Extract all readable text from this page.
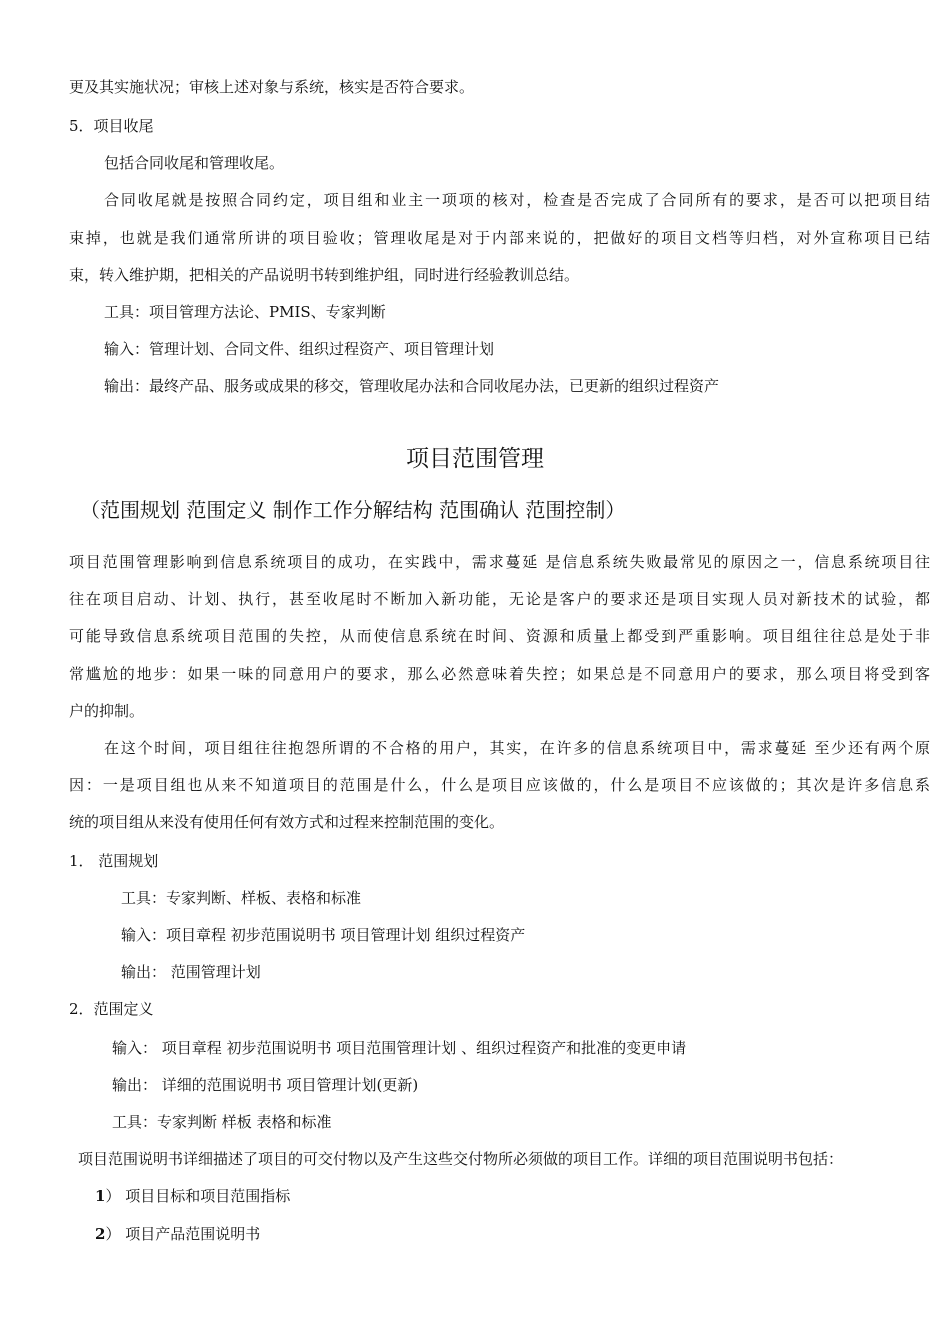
更及其实施状况；审核上述对象与系统，核实是否符合要求。
5．项目收尾
包括合同收尾和管理收尾。
合同收尾就是按照合同约定，项目组和业主一项项的核对，检查是否完成了合同所有的要求，是否可以把项目结
束掉，也就是我们通常所讲的项目验收；管理收尾是对于内部来说的，把做好的项目文档等归档，对外宣称项目已结
束，转入维护期，把相关的产品说明书转到维护组，同时进行经验教训总结。
工具：项目管理方法论、PMIS、专家判断
输入：管理计划、合同文件、组织过程资产、项目管理计划
输出：最终产品、服务或成果的移交，管理收尾办法和合同收尾办法，已更新的组织过程资产
项目范围管理
（范围规划 范围定义 制作工作分解结构 范围确认 范围控制）
项目范围管理影响到信息系统项目的成功，在实践中，需求蔓延 是信息系统失败最常见的原因之一，信息系统项目往
往在项目启动、计划、执行，甚至收尾时不断加入新功能，无论是客户的要求还是项目实现人员对新技术的试验，都
可能导致信息系统项目范围的失控，从而使信息系统在时间、资源和质量上都受到严重影响。项目组往往总是处于非
常尴尬的地步：如果一味的同意用户的要求，那么必然意味着失控；如果总是不同意用户的要求，那么项目将受到客
户的抑制。
在这个时间，项目组往往抱怨所谓的不合格的用户，其实，在许多的信息系统项目中，需求蔓延 至少还有两个原
因：一是项目组也从来不知道项目的范围是什么，什么是项目应该做的，什么是项目不应该做的；其次是许多信息系
统的项目组从来没有使用任何有效方式和过程来控制范围的变化。
1． 范围规划
工具：专家判断、样板、表格和标准
输入：项目章程 初步范围说明书 项目管理计划 组织过程资产
输出： 范围管理计划
2．范围定义
输入： 项目章程 初步范围说明书 项目范围管理计划 、组织过程资产和批准的变更申请
输出： 详细的范围说明书 项目管理计划(更新)
工具：专家判断 样板 表格和标准
项目范围说明书详细描述了项目的可交付物以及产生这些交付物所必须做的项目工作。详细的项目范围说明书包括：
1） 项目目标和项目范围指标
2） 项目产品范围说明书
